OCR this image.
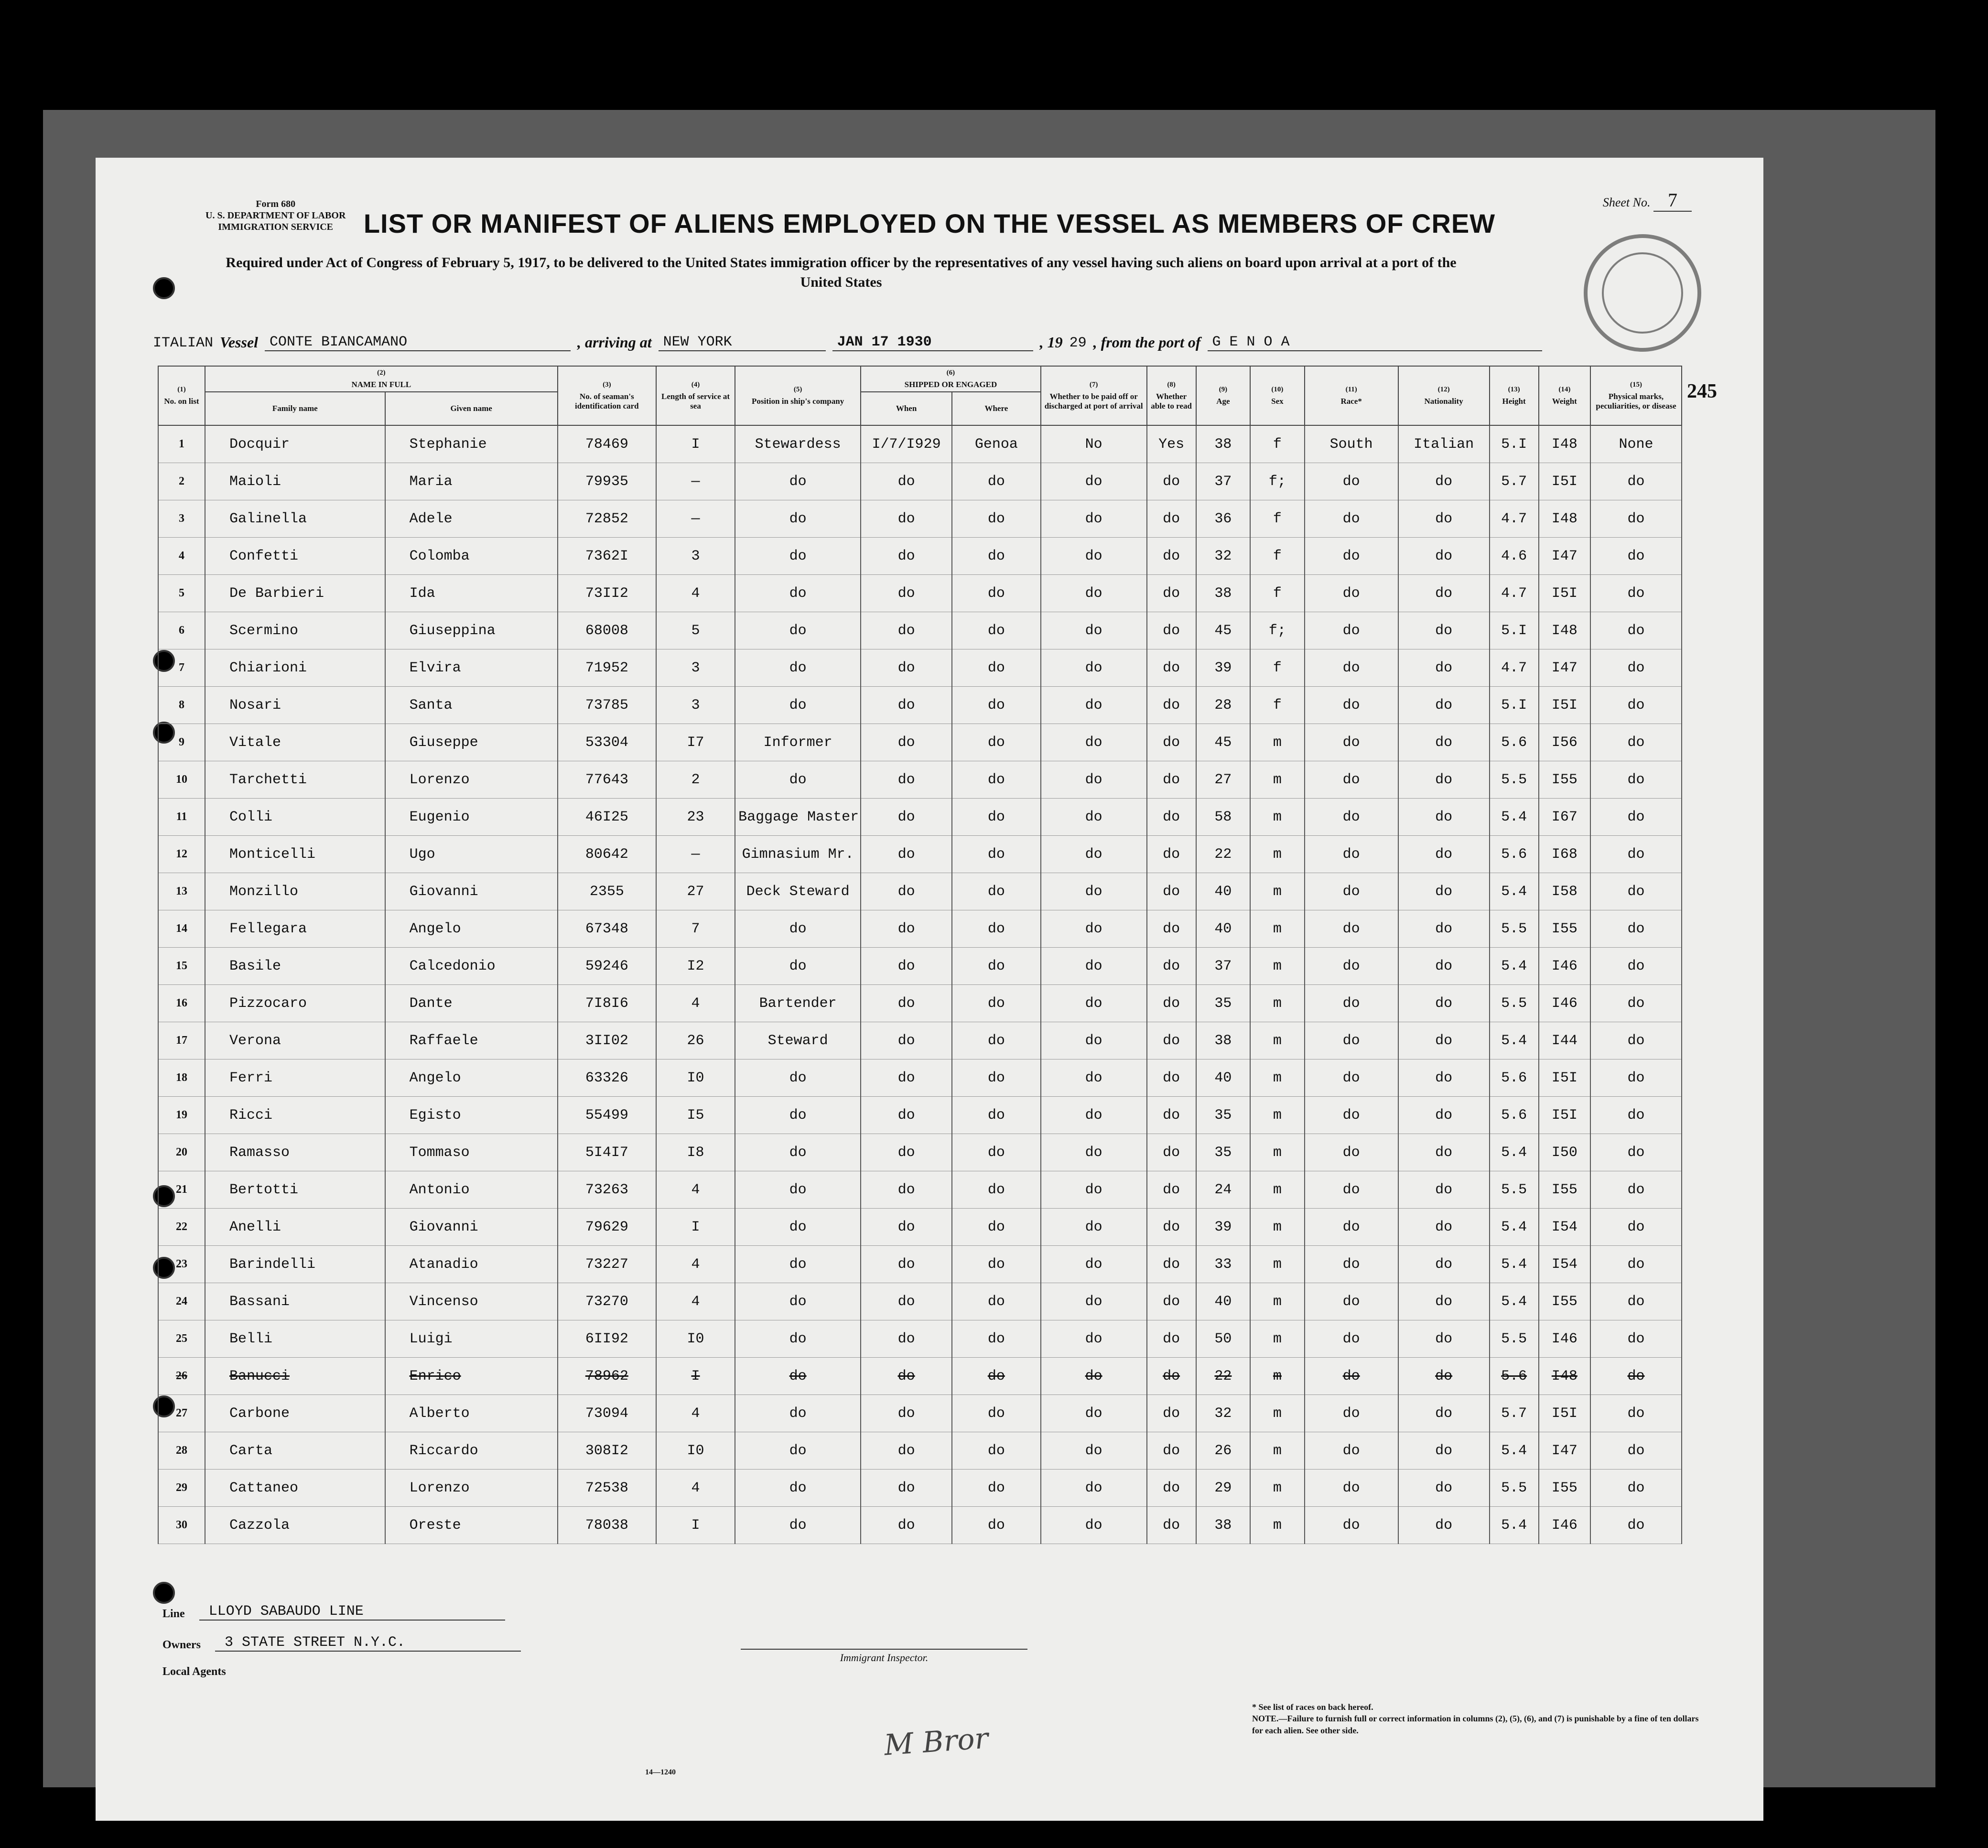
Form 680
U. S. DEPARTMENT OF LABOR
IMMIGRATION SERVICE
Sheet No. 7
LIST OR MANIFEST OF ALIENS EMPLOYED ON THE VESSEL AS MEMBERS OF CREW
Required under Act of Congress of February 5, 1917, to be delivered to the United States immigration officer by the representatives of any vessel having such aliens on board upon arrival at a port of the United States
ITALIAN Vessel CONTE BIANCAMANO	, arriving at NEW YORK	JAN 17 1930	, 19 29 , from the port of G E N O A
245
(1)
No. on list	(2)
NAME IN FULL		(3)
No. of seaman's identification card	(4)
Length of service at sea	(5)
Position in ship's company	(6)
SHIPPED OR ENGAGED		(7)
Whether to be paid off or discharged at port of arrival	(8)
Whether able to read	(9)
Age	(10)
Sex	(11)
Race*	(12)
Nationality	(13)
Height	(14)
Weight	(15)
Physical marks, peculiarities, or disease
	Family name	Given name				When	Where									
1	Docquir	Stephanie	78469	I	Stewardess	I/7/I929	Genoa	No	Yes	38	f	South	Italian	5.I	I48	None
2	Maioli	Maria	79935	—	do	do	do	do	do	37	f;	do	do	5.7	I5I	do
3	Galinella	Adele	72852	—	do	do	do	do	do	36	f	do	do	4.7	I48	do
4	Confetti	Colomba	7362I	3	do	do	do	do	do	32	f	do	do	4.6	I47	do
5	De Barbieri	Ida	73II2	4	do	do	do	do	do	38	f	do	do	4.7	I5I	do
6	Scermino	Giuseppina	68008	5	do	do	do	do	do	45	f;	do	do	5.I	I48	do
7	Chiarioni	Elvira	71952	3	do	do	do	do	do	39	f	do	do	4.7	I47	do
8	Nosari	Santa	73785	3	do	do	do	do	do	28	f	do	do	5.I	I5I	do
9	Vitale	Giuseppe	53304	I7	Informer	do	do	do	do	45	m	do	do	5.6	I56	do
10	Tarchetti	Lorenzo	77643	2	do	do	do	do	do	27	m	do	do	5.5	I55	do
11	Colli	Eugenio	46I25	23	Baggage Master	do	do	do	do	58	m	do	do	5.4	I67	do
12	Monticelli	Ugo	80642	—	Gimnasium Mr.	do	do	do	do	22	m	do	do	5.6	I68	do
13	Monzillo	Giovanni	2355	27	Deck Steward	do	do	do	do	40	m	do	do	5.4	I58	do
14	Fellegara	Angelo	67348	7	do	do	do	do	do	40	m	do	do	5.5	I55	do
15	Basile	Calcedonio	59246	I2	do	do	do	do	do	37	m	do	do	5.4	I46	do
16	Pizzocaro	Dante	7I8I6	4	Bartender	do	do	do	do	35	m	do	do	5.5	I46	do
17	Verona	Raffaele	3II02	26	Steward	do	do	do	do	38	m	do	do	5.4	I44	do
18	Ferri	Angelo	63326	I0	do	do	do	do	do	40	m	do	do	5.6	I5I	do
19	Ricci	Egisto	55499	I5	do	do	do	do	do	35	m	do	do	5.6	I5I	do
20	Ramasso	Tommaso	5I4I7	I8	do	do	do	do	do	35	m	do	do	5.4	I50	do
21	Bertotti	Antonio	73263	4	do	do	do	do	do	24	m	do	do	5.5	I55	do
22	Anelli	Giovanni	79629	I	do	do	do	do	do	39	m	do	do	5.4	I54	do
23	Barindelli	Atanadio	73227	4	do	do	do	do	do	33	m	do	do	5.4	I54	do
24	Bassani	Vincenso	73270	4	do	do	do	do	do	40	m	do	do	5.4	I55	do
25	Belli	Luigi	6II92	I0	do	do	do	do	do	50	m	do	do	5.5	I46	do
26	Banucci	Enrico	78962	I	do	do	do	do	do	22	m	do	do	5.6	I48	do
27	Carbone	Alberto	73094	4	do	do	do	do	do	32	m	do	do	5.7	I5I	do
28	Carta	Riccardo	308I2	I0	do	do	do	do	do	26	m	do	do	5.4	I47	do
29	Cattaneo	Lorenzo	72538	4	do	do	do	do	do	29	m	do	do	5.5	I55	do
30	Cazzola	Oreste	78038	I	do	do	do	do	do	38	m	do	do	5.4	I46	do
Line	LLOYD SABAUDO LINE
Owners	3 STATE STREET N.Y.C.
Local Agents
Immigrant Inspector.
M Bror
14—1240
* See list of races on back hereof.
NOTE.—Failure to furnish full or correct information in columns (2), (5), (6), and (7) is punishable by a fine of ten dollars for each alien. See other side.
